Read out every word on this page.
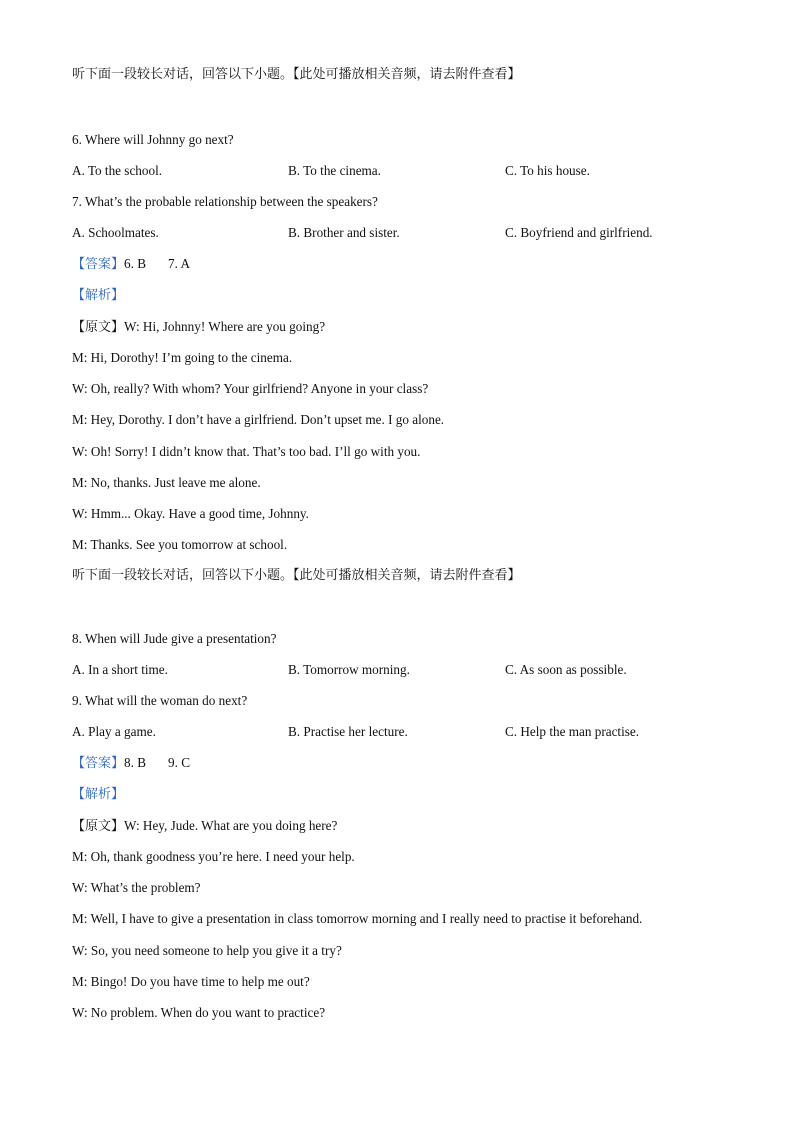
听下面一段较长对话，回答以下小题。【此处可播放相关音频，请去附件查看】
6. Where will Johnny go next?
A. To the school.	B. To the cinema.	C. To his house.
7. What’s the probable relationship between the speakers?
A. Schoolmates.	B. Brother and sister.	C. Boyfriend and girlfriend.
【答案】6. B 7. A
【解析】
【原文】W: Hi, Johnny! Where are you going?
M: Hi, Dorothy! I’m going to the cinema.
W: Oh, really? With whom? Your girlfriend? Anyone in your class?
M: Hey, Dorothy. I don’t have a girlfriend. Don’t upset me. I go alone.
W: Oh! Sorry! I didn’t know that. That’s too bad. I’ll go with you.
M: No, thanks. Just leave me alone.
W: Hmm... Okay. Have a good time, Johnny.
M: Thanks. See you tomorrow at school.
听下面一段较长对话，回答以下小题。【此处可播放相关音频，请去附件查看】
8. When will Jude give a presentation?
A. In a short time.	B. Tomorrow morning.	C. As soon as possible.
9. What will the woman do next?
A. Play a game.	B. Practise her lecture.	C. Help the man practise.
【答案】8. B 9. C
【解析】
【原文】W: Hey, Jude. What are you doing here?
M: Oh, thank goodness you’re here. I need your help.
W: What’s the problem?
M: Well, I have to give a presentation in class tomorrow morning and I really need to practise it beforehand.
W: So, you need someone to help you give it a try?
M: Bingo! Do you have time to help me out?
W: No problem. When do you want to practice?
